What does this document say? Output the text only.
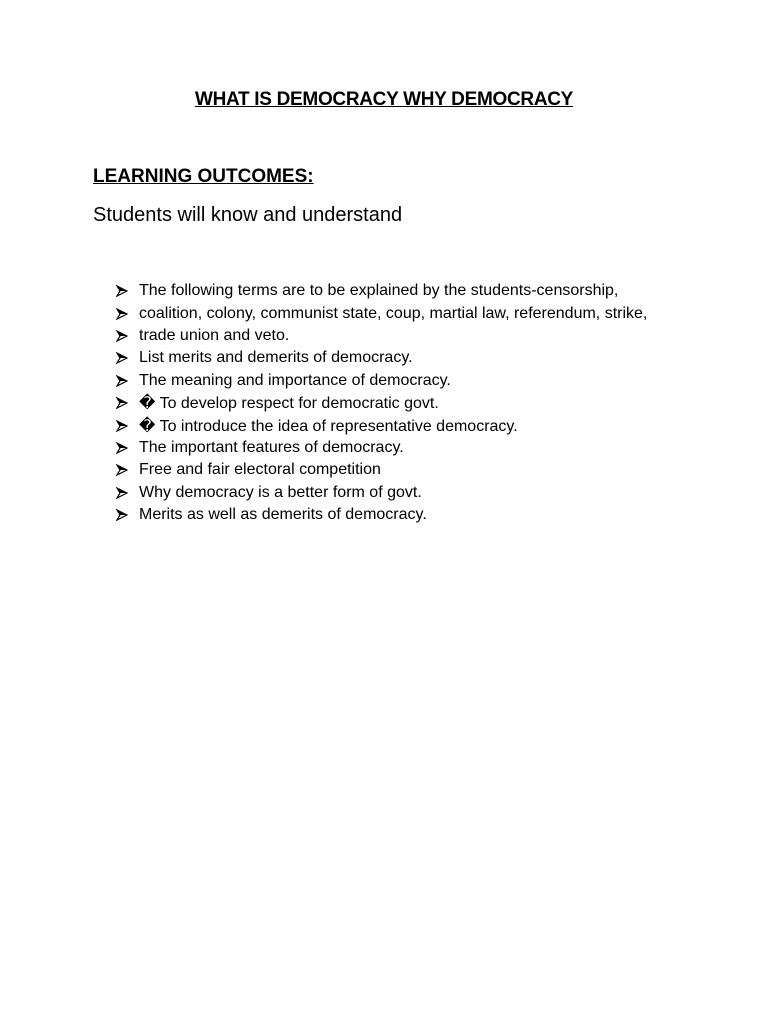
WHAT IS DEMOCRACY WHY DEMOCRACY
LEARNING OUTCOMES:

Students will know and understand

The following terms are to be explained by the students-censorship,
coalition, colony, communist state, coup, martial law, referendum, strike,
trade union and veto.
List merits and demerits of democracy.
The meaning and importance of democracy.
� To develop respect for democratic govt.
� To introduce the idea of representative democracy.
The important features of democracy.
Free and fair electoral competition
Why democracy is a better form of govt.
Merits as well as demerits of democracy.
